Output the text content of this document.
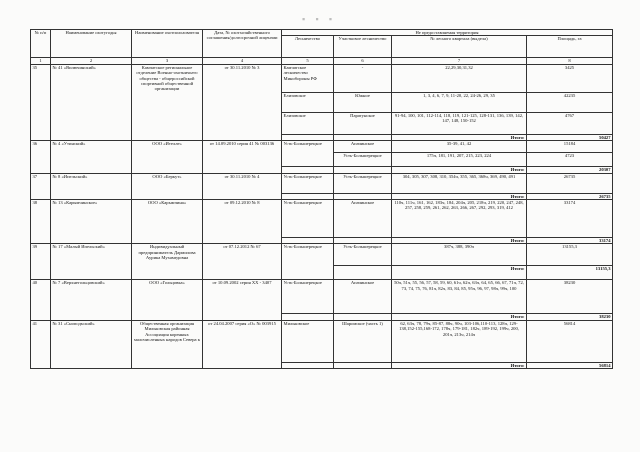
▪ ▪ ▪
№ п/п	Наименование охотугодья	Наименование охотпользователя	Дата, № охотхозяйственного соглашения/долгосрочной лицензии	Не предоставляемая территория			
				Лесничество	Участковое лесничество	№ лесного квартала (выдела)	Площадь, га
1	2	3	4	5	6	7	8
35	№ 41 «Вилючинский»	Камчатское региональное отделение Военно-охотничьего общества - общероссийской спортивной общественной организации	от 30.11.2010 № 3	Камчатское лесничество Минобороны РФ	-	22,29,30,31,32	3425
				Елизовское	Южное	1, 3, 4, 6, 7, 9, 11-20, 22, 24-26, 29, 35	42235
				Елизовское	Паратунское	91-94, 100, 101, 112-114, 118, 119, 121-125, 128-131, 136, 139, 142, 147, 148, 150-152	4767
						Итого:	50427
36	№ 4 «Утинский»	ООО «Ителле»	от 14.09.2010 серия 41 № 003136	Усть-Большерецкое	Апачинское	35-39, 41, 42	15184
					Усть-Большерецкое	175ч, 181, 191, 207, 215, 223, 224	4723
						Итого:	20307
37	№ 8 «Ипельский»	ООО «Беркут»	от 30.11.2010 № 4	Усть-Большерецкое	Усть-Большерецкое	304, 305, 307, 308, 310, 354ч, 355, 365, 368ч, 369, 490, 491	26735
						Итого:	26735
38	№ 13 «Карымчинское»	ООО «Карымчина»	от 09.12.2010 № 8	Усть-Большерецкое	Апачинское	110ч, 111ч, 161, 162, 183ч, 184, 204ч, 205, 218ч, 219, 220, 247, 248, 257, 258, 259, 261, 262, 263, 266, 267, 292, 293, 319, 412	33174
						Итого:	33174
39	№ 17 «Малый Ипельский»	Индивидуальный предприниматель Дармилова Аурика Мухамедовна	от 07.12.2012 № 67	Усть-Большерецкое	Усть-Большерецкое	387ч, 388, 390ч	13155,3
						Итого:	13155,3
40	№ 7 «Верхнегольцовский»	ООО «Гольцовка»	от 10.09.2002 серия ХХ - 3407	Усть-Большерецкое	Апачинское	50ч, 51ч, 55, 56, 57, 58, 59, 60, 61ч, 62ч, 63ч, 64, 65, 66, 67, 71ч, 72, 73, 74, 75, 76, 81ч, 82ч, 83, 84, 85, 95ч, 96, 97, 98ч, 99ч, 100	38230
						Итого:	38230
41	№ 31 «Сноподъский»	Общественная организация Мильковская районная Ассоциация коренных малочисленных народов Севера к	от 24.04.2007 серия «О» № 003915	Мильковское	Шаромское (часть 1)	62, 63ч, 78, 79ч, 85-87, 88ч, 90ч, 103-106,110-113, 128ч, 129-138,152-155,168-172, 178ч, 179-181, 182ч, 189-192, 199ч, 200, 201ч, 213ч, 214ч	56814
						Итого:	56814
